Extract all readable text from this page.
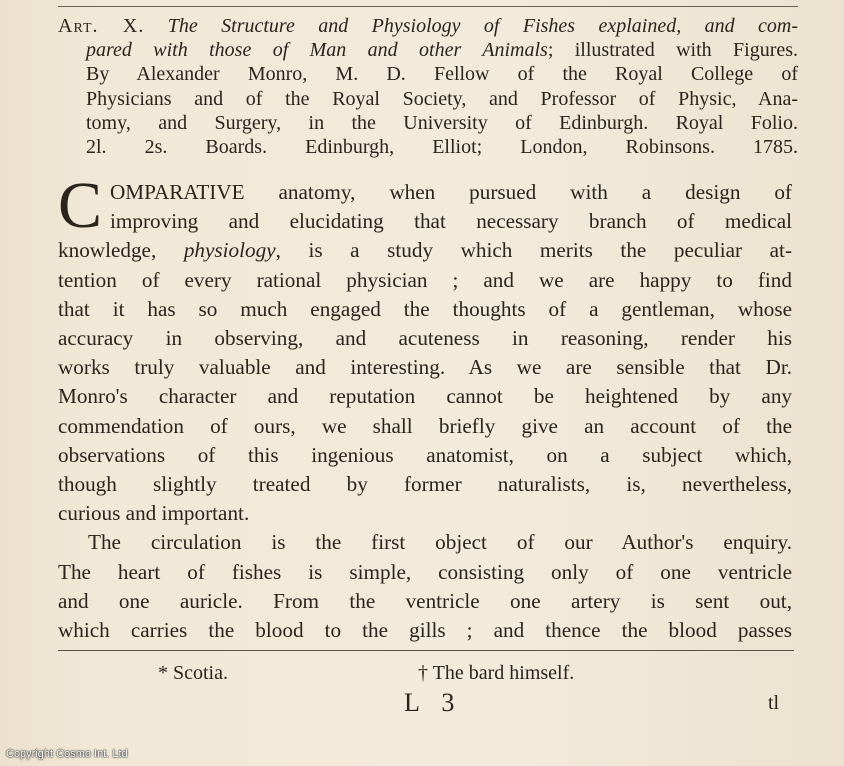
Art. X. The Structure and Physiology of Fishes explained, and com-
pared with those of Man and other Animals; illustrated with Figures.
By Alexander Monro, M. D. Fellow of the Royal College of
Physicians and of the Royal Society, and Professor of Physic, Ana-
tomy, and Surgery, in the University of Edinburgh. Royal Folio.
2l. 2s. Boards. Edinburgh, Elliot; London, Robinsons. 1785.
C OMPARATIVE anatomy, when pursued with a design of
improving and elucidating that necessary branch of medical
knowledge, physiology, is a study which merits the peculiar at-
tention of every rational physician ; and we are happy to find
that it has so much engaged the thoughts of a gentleman, whose
accuracy in observing, and acuteness in reasoning, render his
works truly valuable and interesting. As we are sensible that Dr.
Monro's character and reputation cannot be heightened by any
commendation of ours, we shall briefly give an account of the
observations of this ingenious anatomist, on a subject which,
though slightly treated by former naturalists, is, nevertheless,
curious and important.
The circulation is the first object of our Author's enquiry.
The heart of fishes is simple, consisting only of one ventricle
and one auricle. From the ventricle one artery is sent out,
which carries the blood to the gills ; and thence the blood passes
* Scotia.	† The bard himself.
L 3	tl
Copyright Cosmo Int. Ltd
